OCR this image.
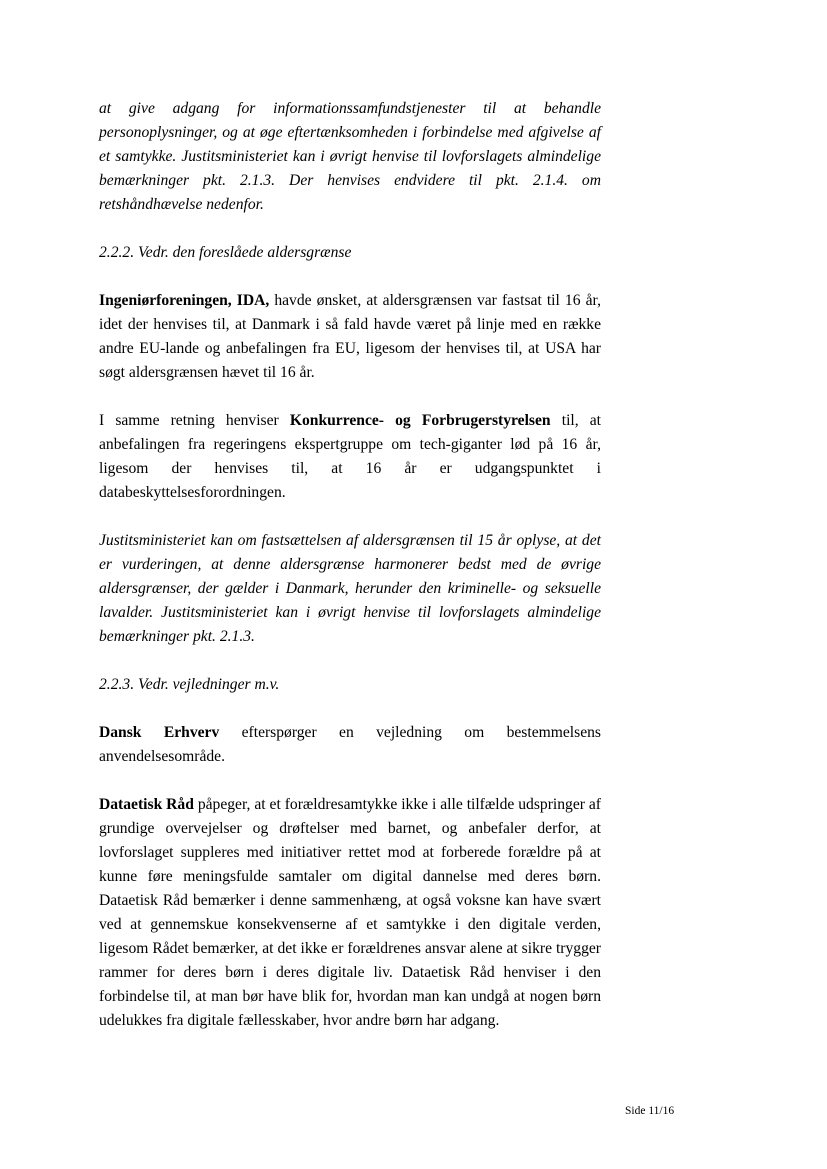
at give adgang for informationssamfundstjenester til at behandle personoplysninger, og at øge eftertænksomheden i forbindelse med afgivelse af et samtykke. Justitsministeriet kan i øvrigt henvise til lovforslagets almindelige bemærkninger pkt. 2.1.3. Der henvises endvidere til pkt. 2.1.4. om retshåndhævelse nedenfor.

2.2.2. Vedr. den foreslåede aldersgrænse

Ingeniørforeningen, IDA, havde ønsket, at aldersgrænsen var fastsat til 16 år, idet der henvises til, at Danmark i så fald havde været på linje med en række andre EU-lande og anbefalingen fra EU, ligesom der henvises til, at USA har søgt aldersgrænsen hævet til 16 år.

I samme retning henviser Konkurrence- og Forbrugerstyrelsen til, at anbefalingen fra regeringens ekspertgruppe om tech-giganter lød på 16 år, ligesom der henvises til, at 16 år er udgangspunktet i databeskyttelsesforordningen.

Justitsministeriet kan om fastsættelsen af aldersgrænsen til 15 år oplyse, at det er vurderingen, at denne aldersgrænse harmonerer bedst med de øvrige aldersgrænser, der gælder i Danmark, herunder den kriminelle- og seksuelle lavalder. Justitsministeriet kan i øvrigt henvise til lovforslagets almindelige bemærkninger pkt. 2.1.3.

2.2.3. Vedr. vejledninger m.v.

Dansk Erhverv efterspørger en vejledning om bestemmelsens anvendelsesområde.

Dataetisk Råd påpeger, at et forældresamtykke ikke i alle tilfælde udspringer af grundige overvejelser og drøftelser med barnet, og anbefaler derfor, at lovforslaget suppleres med initiativer rettet mod at forberede forældre på at kunne føre meningsfulde samtaler om digital dannelse med deres børn. Dataetisk Råd bemærker i denne sammenhæng, at også voksne kan have svært ved at gennemskue konsekvenserne af et samtykke i den digitale verden, ligesom Rådet bemærker, at det ikke er forældrenes ansvar alene at sikre trygger rammer for deres børn i deres digitale liv. Dataetisk Råd henviser i den forbindelse til, at man bør have blik for, hvordan man kan undgå at nogen børn udelukkes fra digitale fællesskaber, hvor andre børn har adgang.

Side 11/16
